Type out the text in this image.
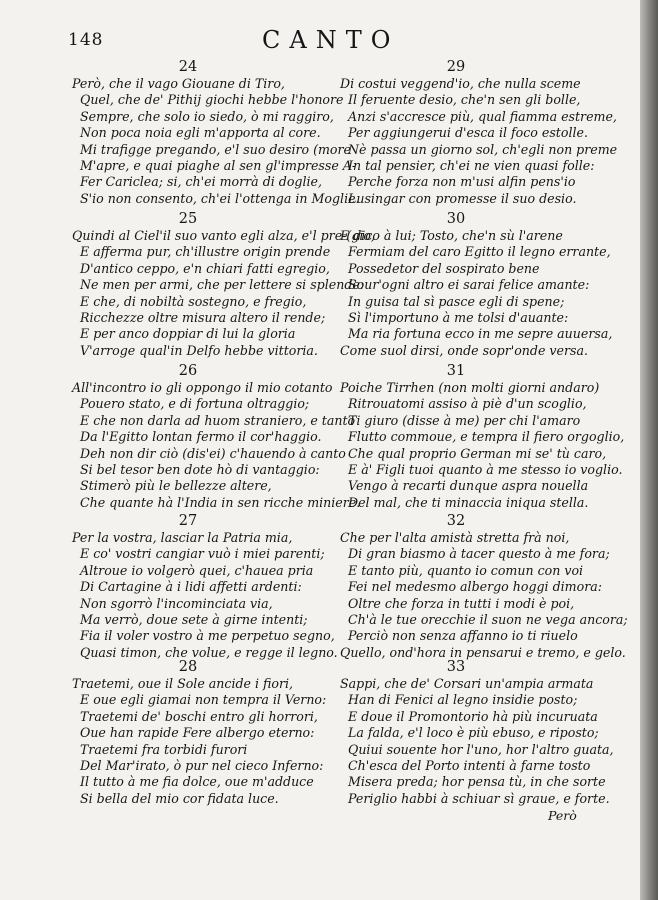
148	CANTO
24
Però, che il vago Giouane di Tiro,
Quel, che de' Pithij giochi hebbe l'honore
Sempre, che solo io siedo, ò mi raggiro,
Non poca noia egli m'apporta al core.
Mi trafigge pregando, e'l suo desiro (more
M'apre, e quai piaghe al sen gl'impresse A-
Fer Cariclea; si, ch'ei morrà di doglie,
S'io non consento, ch'ei l'ottenga in Moglie.
25
Quindi al Ciel'il suo vanto egli alza, e'l pre-(gio,
E afferma pur, ch'illustre origin prende
D'antico ceppo, e'n chiari fatti egregio,
Ne men per armi, che per lettere si splende:
E che, di nobiltà sostegno, e fregio,
Ricchezze oltre misura altero il rende;
E per anco doppiar di lui la gloria
V'arroge qual'in Delfo hebbe vittoria.
26
All'incontro io gli oppongo il mio cotanto
Pouero stato, e di fortuna oltraggio;
E che non darla ad huom straniero, e tanto
Da l'Egitto lontan fermo il cor'haggio.
Deh non dir ciò (dis'ei) c'hauendo à canto
Si bel tesor ben dote hò di vantaggio:
Stimerò più le bellezze altere,
Che quante hà l'India in sen ricche miniere.
27
Per la vostra, lasciar la Patria mia,
E co' vostri cangiar vuò i miei parenti;
Altroue io volgerò quei, c'hauea pria
Di Cartagine à i lidi affetti ardenti:
Non sgorrò l'incominciata via,
Ma verrò, doue sete à girne intenti;
Fia il voler vostro à me perpetuo segno,
Quasi timon, che volue, e regge il legno.
28
Traetemi, oue il Sole ancide i fiori,
E oue egli giamai non tempra il Verno:
Traetemi de' boschi entro gli horrori,
Oue han rapide Fere albergo eterno:
Traetemi fra torbidi furori
Del Mar'irato, ò pur nel cieco Inferno:
Il tutto à me fia dolce, oue m'adduce
Si bella del mio cor fidata luce.
29
Di costui veggend'io, che nulla sceme
Il feruente desio, che'n sen gli bolle,
Anzi s'accresce più, qual fiamma estreme,
Per aggiungerui d'esca il foco estolle.
Nè passa un giorno sol, ch'egli non preme
In tal pensier, ch'ei ne vien quasi folle:
Perche forza non m'usi alfin pens'io
Lusingar con promesse il suo desio.
30
E dico à lui; Tosto, che'n sù l'arene
Fermiam del caro Egitto il legno errante,
Possedetor del sospirato bene
Sour'ogni altro ei sarai felice amante:
In guisa tal sì pasce egli di spene;
Sì l'importuno à me tolsi d'auante:
Ma ria fortuna ecco in me sepre auuersa,
Come suol dirsi, onde sopr'onde versa.
31
Poiche Tirrhen (non molti giorni andaro)
Ritrouatomi assiso à piè d'un scoglio,
Ti giuro (disse à me) per chi l'amaro
Flutto commoue, e tempra il fiero orgoglio,
Che qual proprio German mi se' tù caro,
E à' Figli tuoi quanto à me stesso io voglio.
Vengo à recarti dunque aspra nouella
Del mal, che ti minaccia iniqua stella.
32
Che per l'alta amistà stretta frà noi,
Di gran biasmo à tacer questo à me fora;
E tanto più, quanto io comun con voi
Fei nel medesmo albergo hoggi dimora:
Oltre che forza in tutti i modi è poi,
Ch'à le tue orecchie il suon ne vega ancora;
Perciò non senza affanno io ti riuelo
Quello, ond'hora in pensarui e tremo, e gelo.
33
Sappi, che de' Corsari un'ampia armata
Han di Fenici al legno insidie posto;
E doue il Promontorio hà più incuruata
La falda, e'l loco è più ebuso, e riposto;
Quiui souente hor l'uno, hor l'altro guata,
Ch'esca del Porto intenti à farne tosto
Misera preda; hor pensa tù, in che sorte
Periglio habbi à schiuar sì graue, e forte.
Però
